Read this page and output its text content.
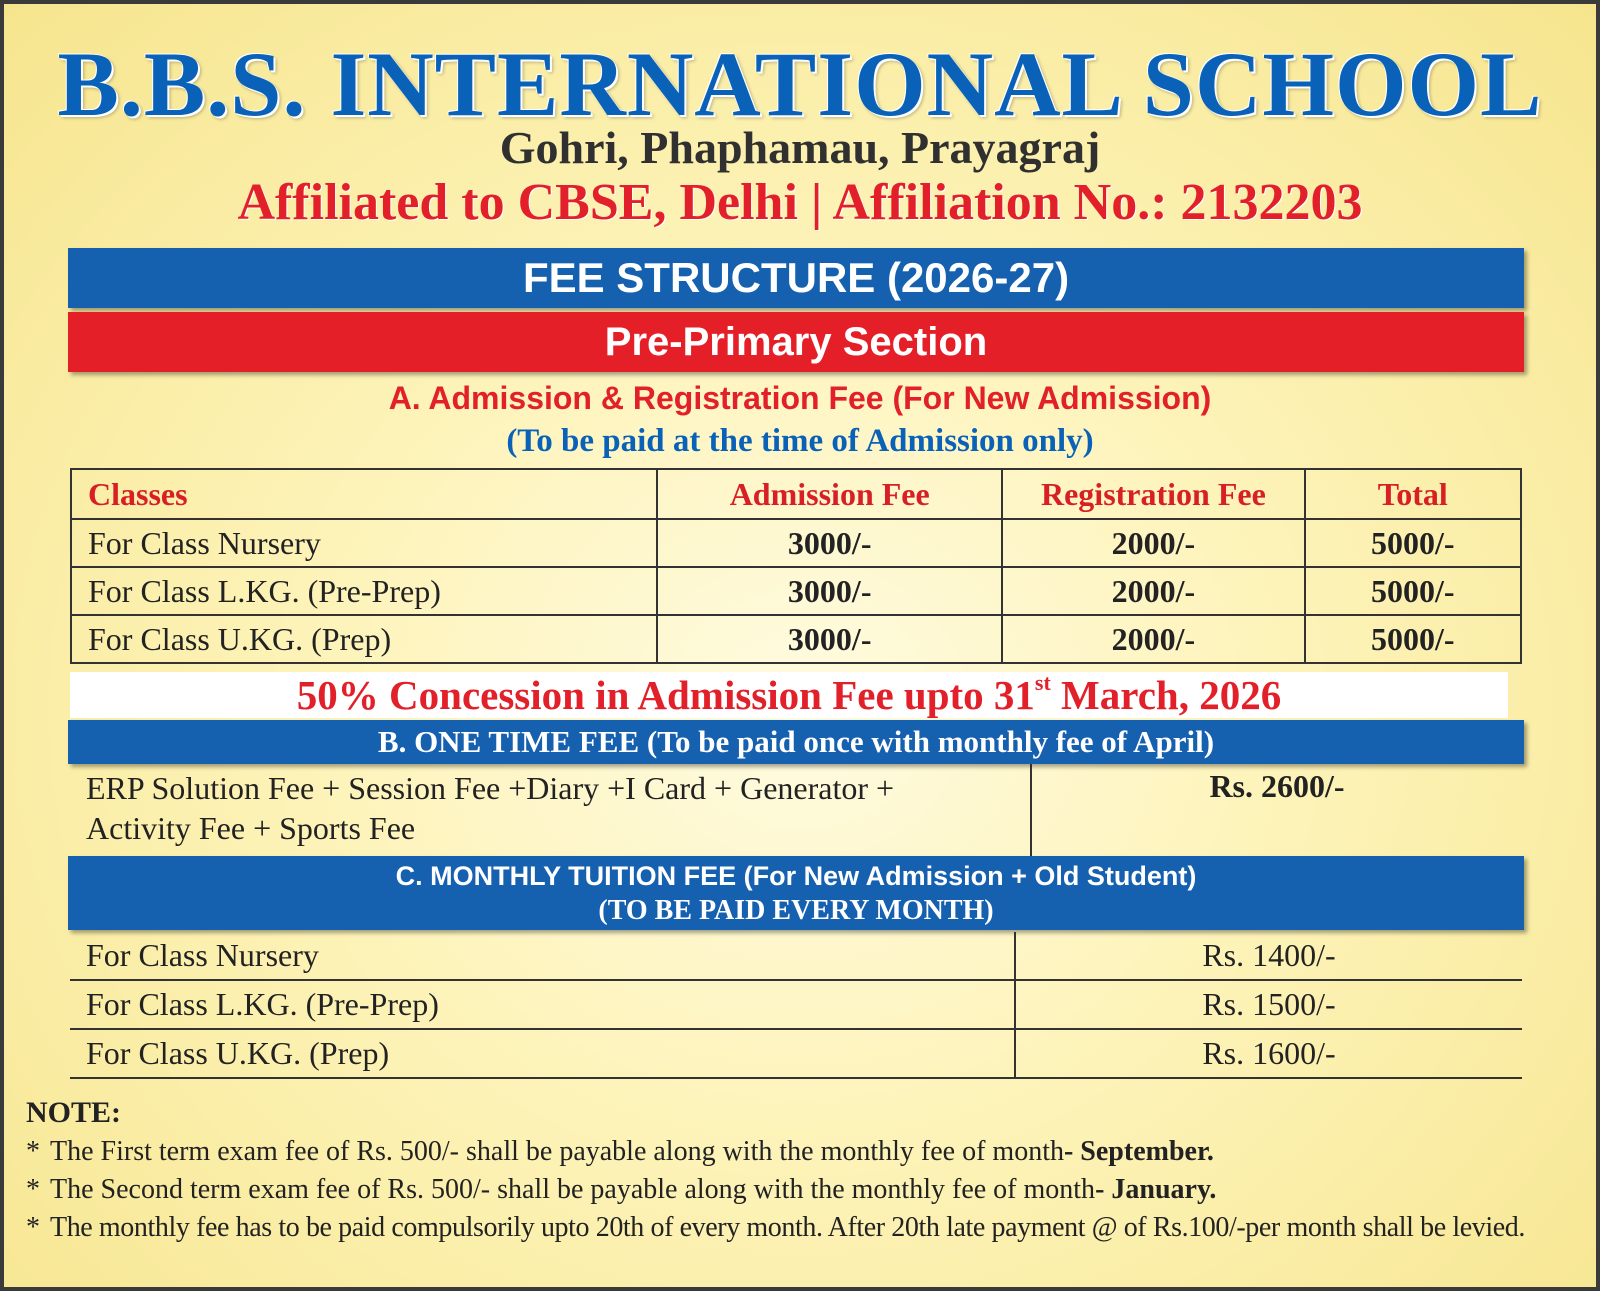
B.B.S. INTERNATIONAL SCHOOL
Gohri, Phaphamau, Prayagraj
Affiliated to CBSE, Delhi | Affiliation No.: 2132203
FEE STRUCTURE (2026-27)
Pre-Primary Section
A. Admission & Registration Fee (For New Admission)
(To be paid at the time of Admission only)
Classes	Admission Fee	Registration Fee	Total
For Class Nursery	3000/-	2000/-	5000/-
For Class L.KG. (Pre-Prep)	3000/-	2000/-	5000/-
For Class U.KG. (Prep)	3000/-	2000/-	5000/-
50% Concession in Admission Fee upto 31st March, 2026
B. ONE TIME FEE (To be paid once with monthly fee of April)
ERP Solution Fee + Session Fee +Diary +I Card + Generator +
Activity Fee + Sports Fee
	Rs. 2600/-
C. MONTHLY TUITION FEE (For New Admission + Old Student)
(TO BE PAID EVERY MONTH)
For Class Nursery	Rs. 1400/-
For Class L.KG. (Pre-Prep)	Rs. 1500/-
For Class U.KG. (Prep)	Rs. 1600/-
NOTE:
* The First term exam fee of Rs. 500/- shall be payable along with the monthly fee of month- September.
* The Second term exam fee of Rs. 500/- shall be payable along with the monthly fee of month- January.
* The monthly fee has to be paid compulsorily upto 20th of every month. After 20th late payment @ of Rs.100/-per month shall be levied.
